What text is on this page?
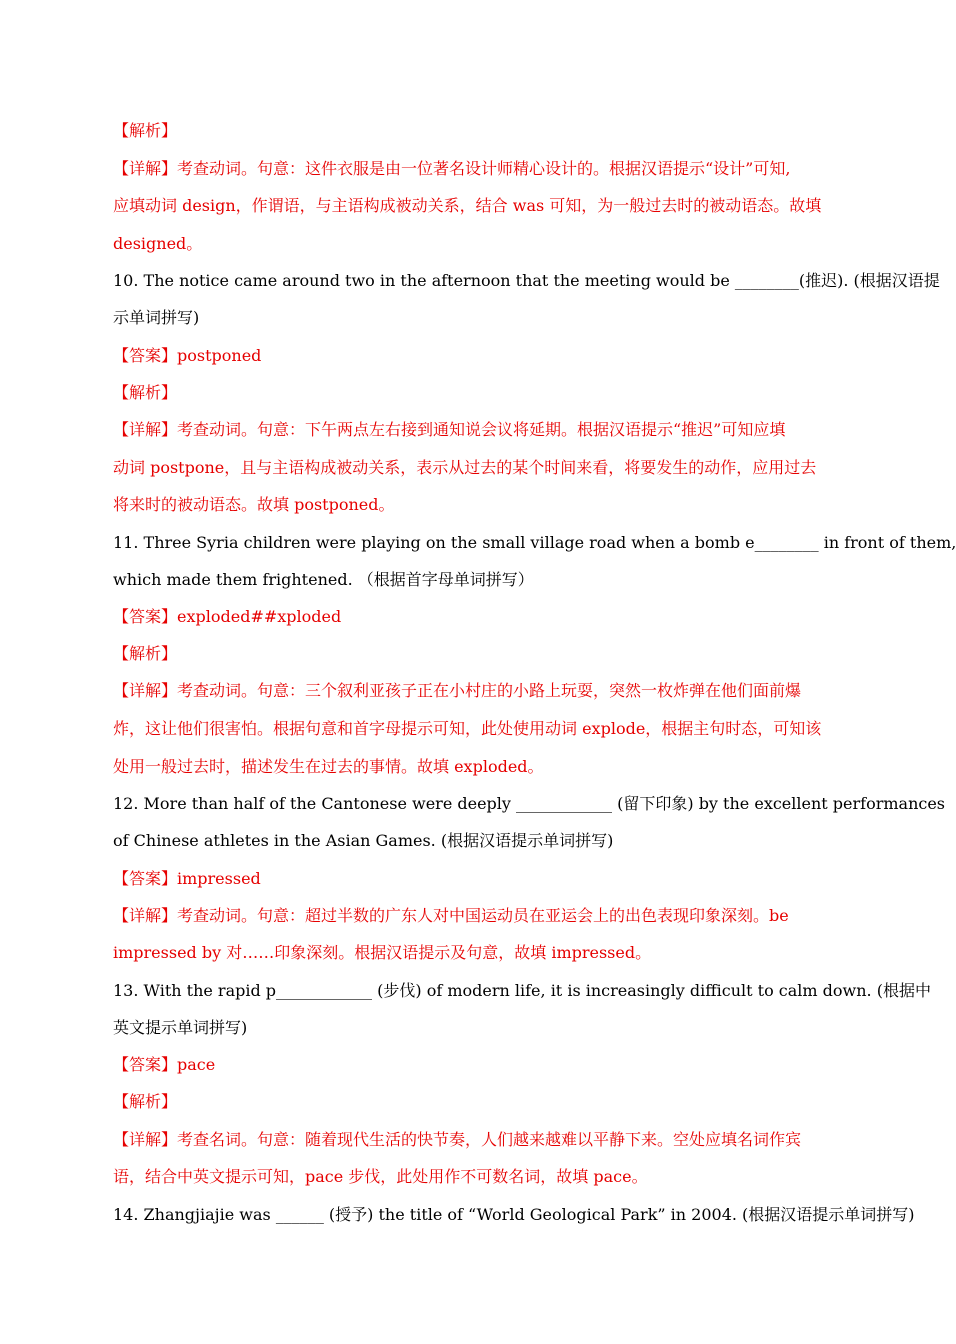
【解析】
【详解】考查动词。句意：这件衣服是由一位著名设计师精心设计的。根据汉语提示“设计”可知,
应填动词 design，作谓语，与主语构成被动关系，结合 was 可知，为一般过去时的被动语态。故填
designed。
10. The notice came around two in the afternoon that the meeting would be ________(推迟). (根据汉语提
示单词拼写)
【答案】postponed
【解析】
【详解】考查动词。句意：下午两点左右接到通知说会议将延期。根据汉语提示“推迟”可知应填
动词 postpone，且与主语构成被动关系，表示从过去的某个时间来看，将要发生的动作，应用过去
将来时的被动语态。故填 postponed。
11. Three Syria children were playing on the small village road when a bomb e________ in front of them,
which made them frightened. （根据首字母单词拼写）
【答案】exploded##xploded
【解析】
【详解】考查动词。句意：三个叙利亚孩子正在小村庄的小路上玩耍，突然一枚炸弹在他们面前爆
炸，这让他们很害怕。根据句意和首字母提示可知，此处使用动词 explode，根据主句时态，可知该
处用一般过去时，描述发生在过去的事情。故填 exploded。
12. More than half of the Cantonese were deeply ____________ (留下印象) by the excellent performances
of Chinese athletes in the Asian Games. (根据汉语提示单词拼写)
【答案】impressed
【详解】考查动词。句意：超过半数的广东人对中国运动员在亚运会上的出色表现印象深刻。be
impressed by 对……印象深刻。根据汉语提示及句意，故填 impressed。
13. With the rapid p____________ (步伐) of modern life, it is increasingly difficult to calm down. (根据中
英文提示单词拼写)
【答案】pace
【解析】
【详解】考查名词。句意：随着现代生活的快节奏，人们越来越难以平静下来。空处应填名词作宾
语，结合中英文提示可知，pace 步伐，此处用作不可数名词，故填 pace。
14. Zhangjiajie was ______ (授予) the title of “World Geological Park” in 2004. (根据汉语提示单词拼写)
